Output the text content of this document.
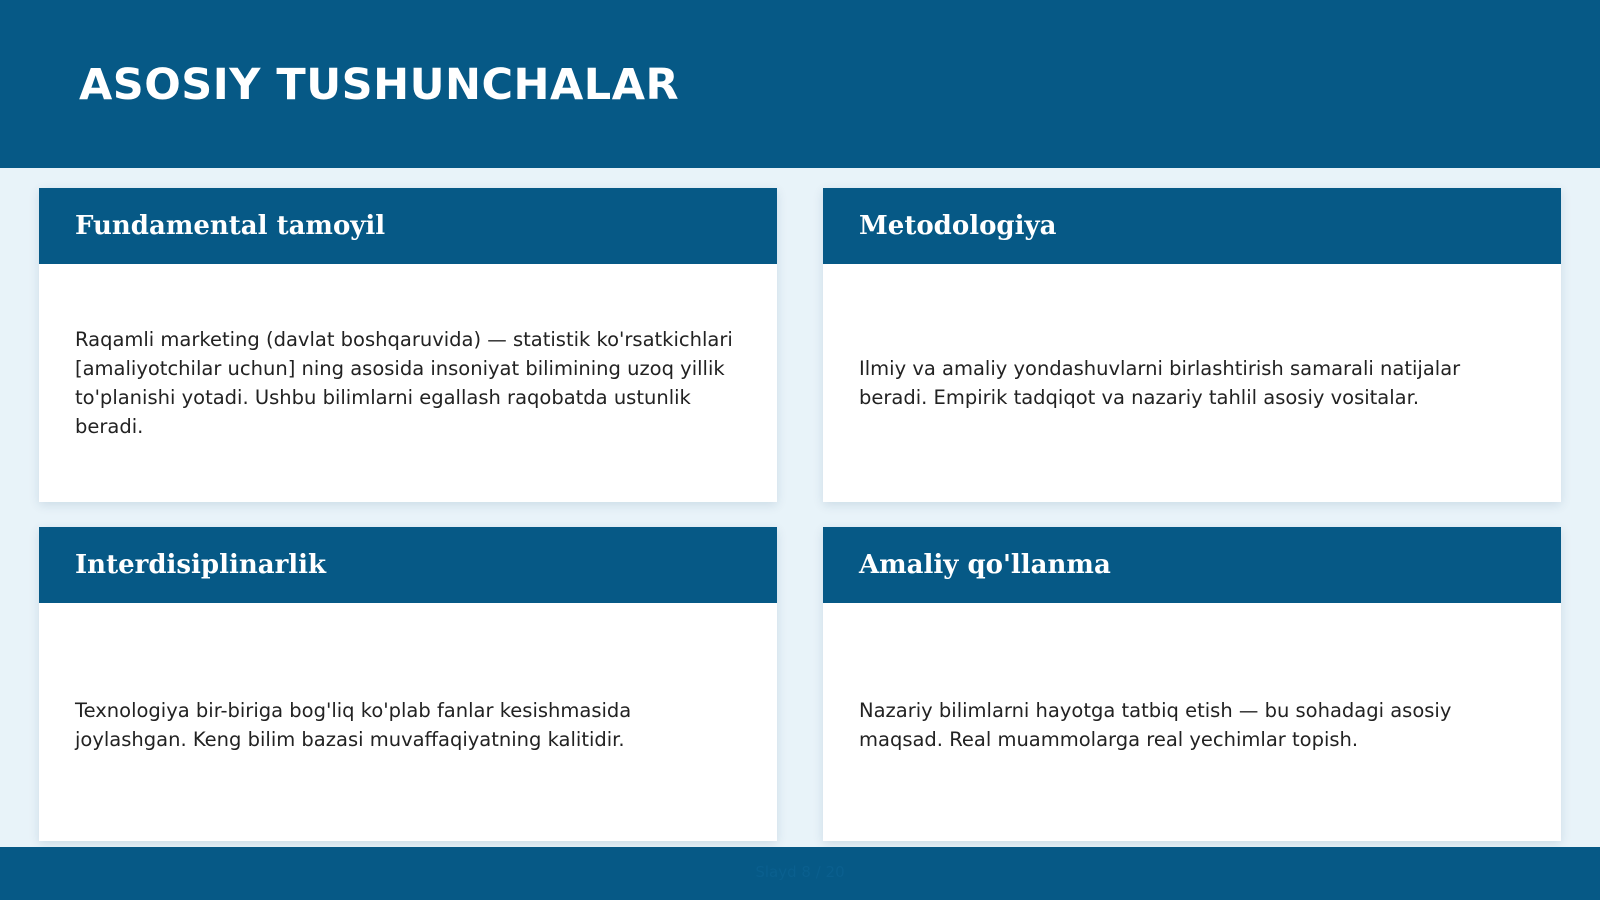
ASOSIY TUSHUNCHALAR
Fundamental tamoyil

Raqamli marketing (davlat boshqaruvida) — statistik ko'rsatkichlari [amaliyotchilar uchun] ning asosida insoniyat bilimining uzoq yillik to'planishi yotadi. Ushbu bilimlarni egallash raqobatda ustunlik beradi.

Metodologiya

Ilmiy va amaliy yondashuvlarni birlashtirish samarali natijalar beradi. Empirik tadqiqot va nazariy tahlil asosiy vositalar.

Interdisiplinarlik

Texnologiya bir-biriga bog'liq ko'plab fanlar kesishmasida joylashgan. Keng bilim bazasi muvaffaqiyatning kalitidir.

Amaliy qo'llanma

Nazariy bilimlarni hayotga tatbiq etish — bu sohadagi asosiy maqsad. Real muammolarga real yechimlar topish.

Slayd 8 / 20
